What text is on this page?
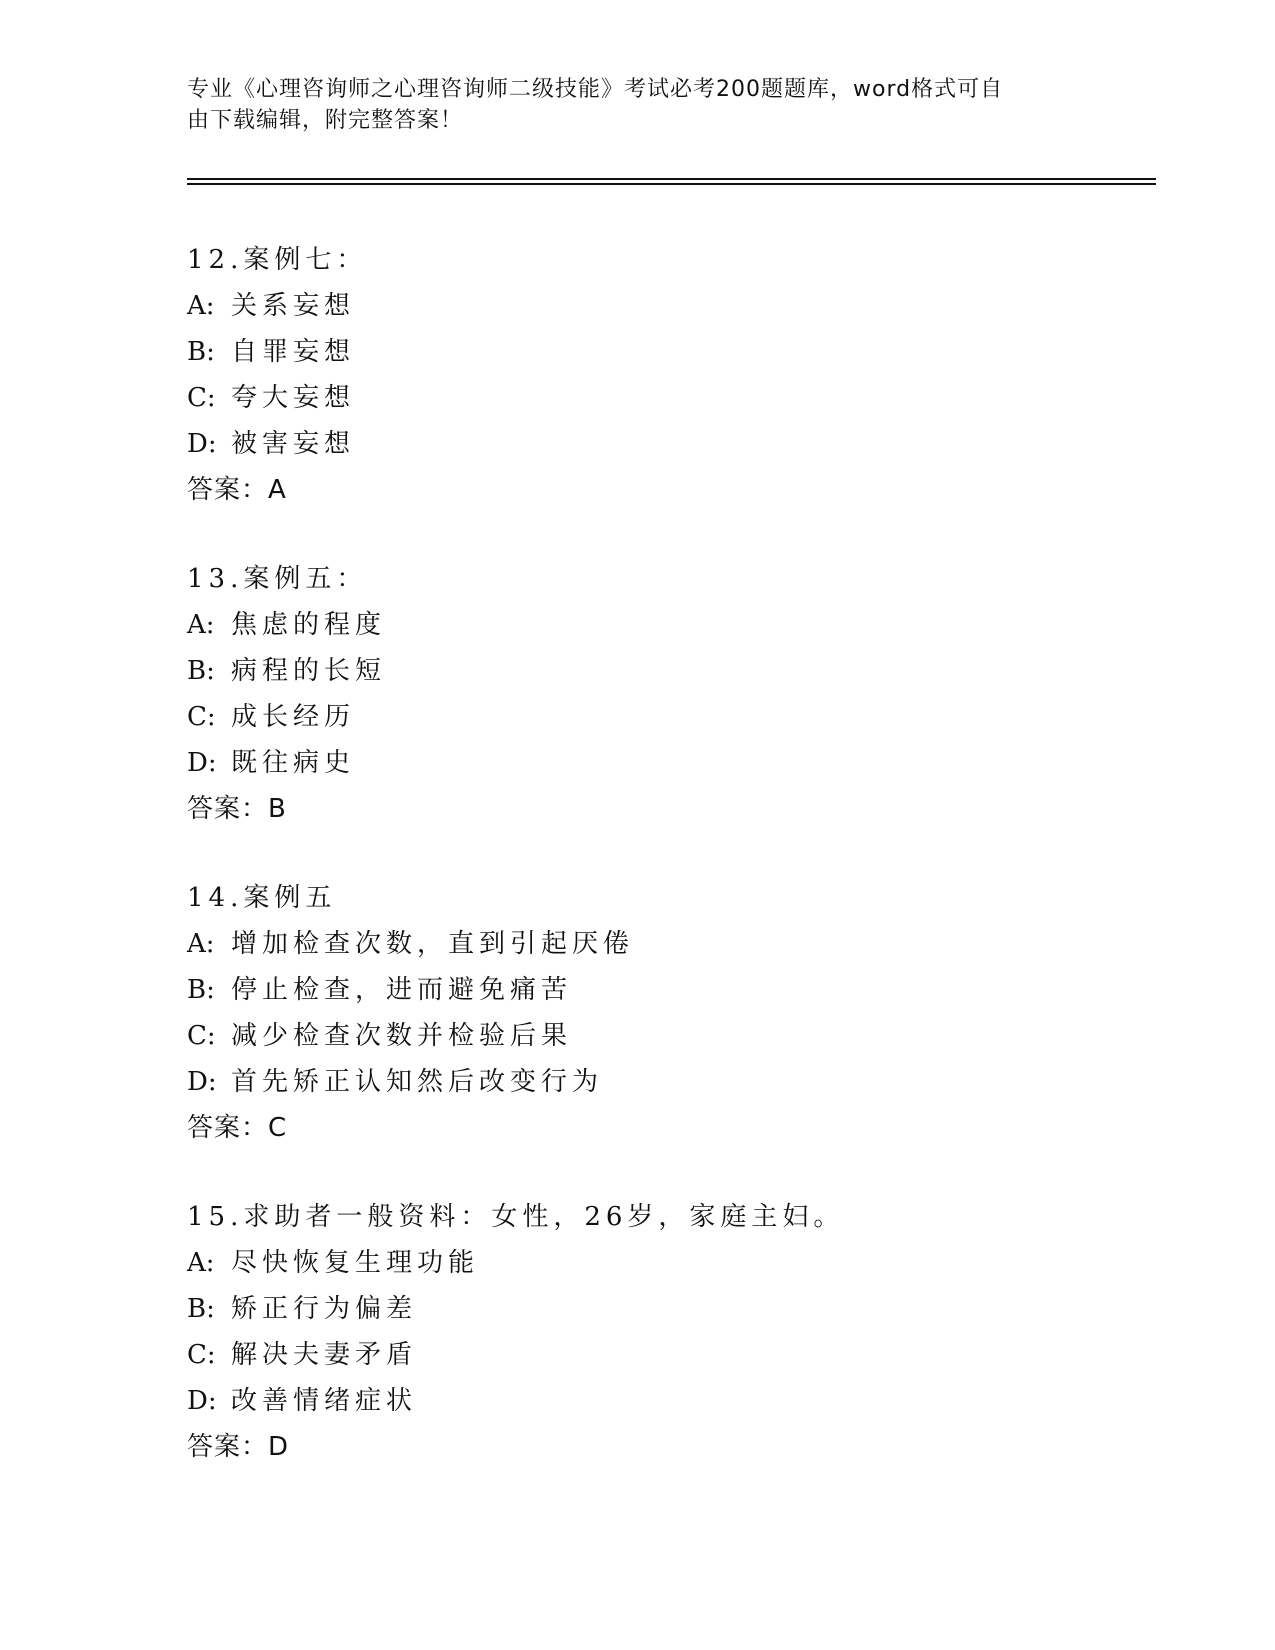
专业《心理咨询师之心理咨询师二级技能》考试必考200题题库，word格式可自
由下载编辑，附完整答案！
12.案例七：
A: 关系妄想
B: 自罪妄想
C: 夸大妄想
D: 被害妄想
答案：A
13.案例五：
A: 焦虑的程度
B: 病程的长短
C: 成长经历
D: 既往病史
答案：B
14.案例五
A: 增加检查次数，直到引起厌倦
B: 停止检查，进而避免痛苦
C: 减少检查次数并检验后果
D: 首先矫正认知然后改变行为
答案：C
15.求助者一般资料：女性，26岁，家庭主妇。
A: 尽快恢复生理功能
B: 矫正行为偏差
C: 解决夫妻矛盾
D: 改善情绪症状
答案：D
